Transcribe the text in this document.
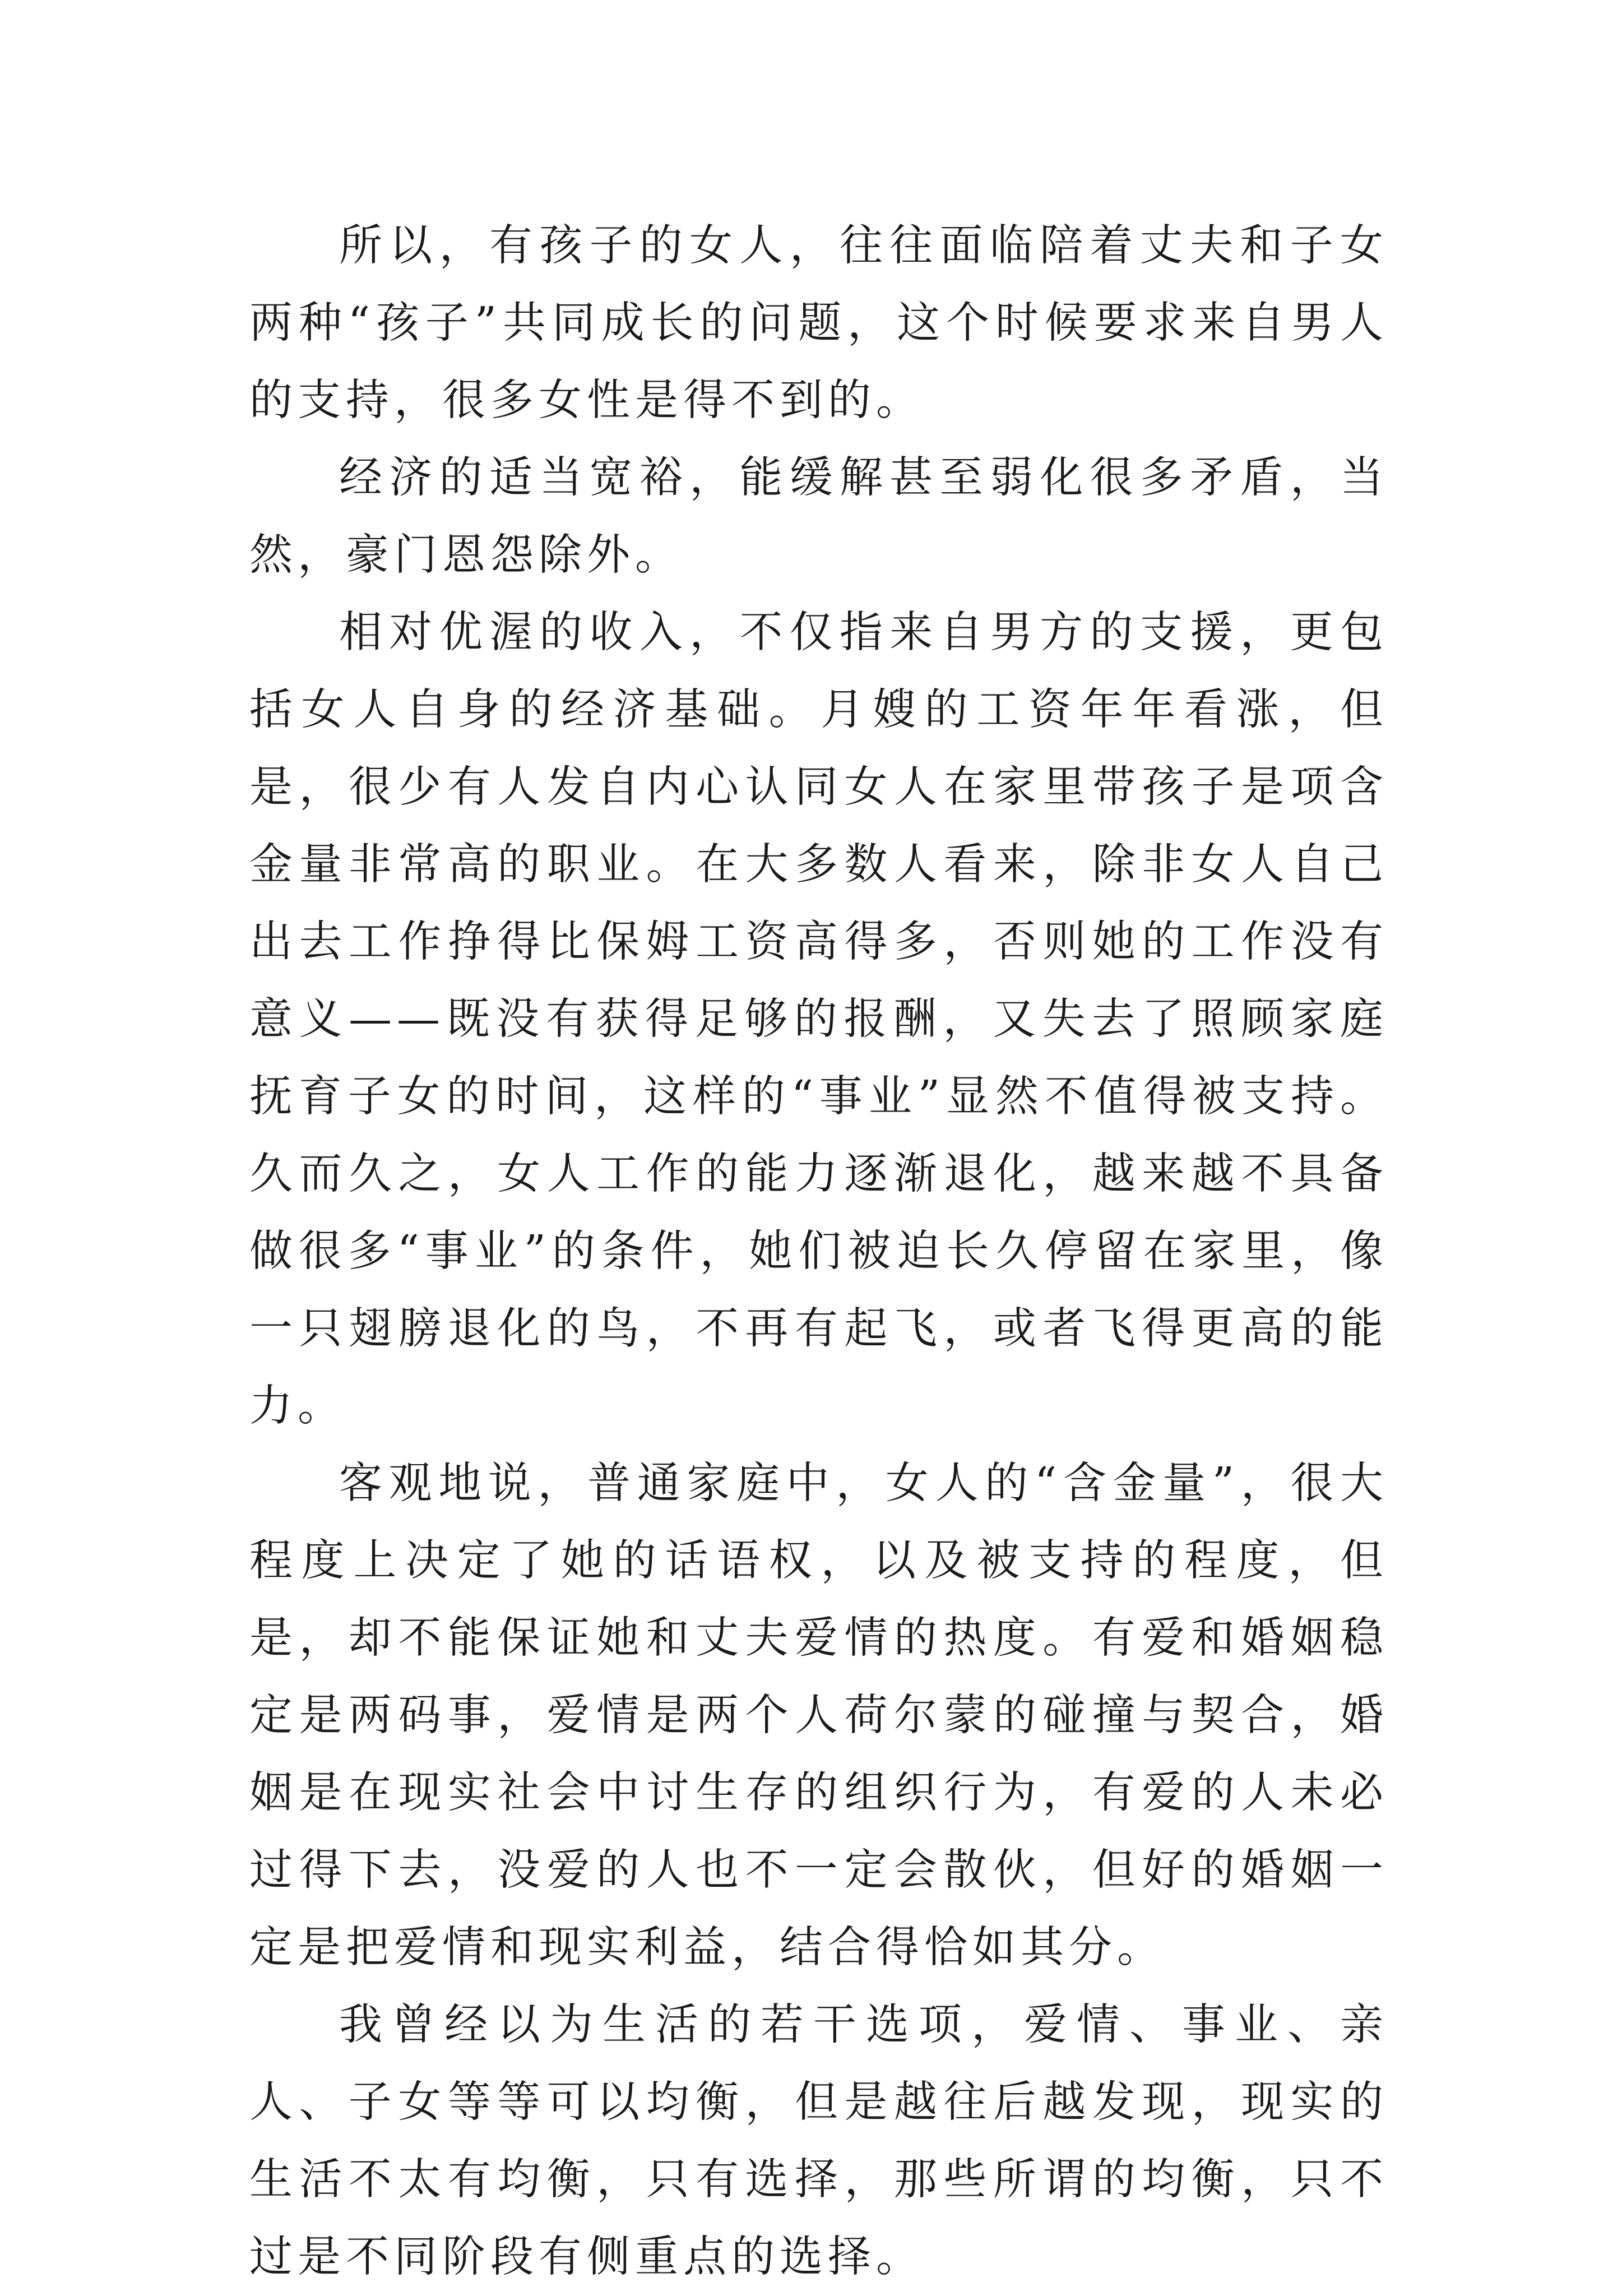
所以，有孩子的女人，往往面临陪着丈夫和子女两种“孩子”共同成长的问题，这个时候要求来自男人的支持，很多女性是得不到的。

经济的适当宽裕，能缓解甚至弱化很多矛盾，当然，豪门恩怨除外。

相对优渥的收入，不仅指来自男方的支援，更包括女人自身的经济基础。月嫂的工资年年看涨，但是，很少有人发自内心认同女人在家里带孩子是项含金量非常高的职业。在大多数人看来，除非女人自己出去工作挣得比保姆工资高得多，否则她的工作没有意义——既没有获得足够的报酬，又失去了照顾家庭抚育子女的时间，这样的“事业”显然不值得被支持。久而久之，女人工作的能力逐渐退化，越来越不具备做很多“事业”的条件，她们被迫长久停留在家里，像一只翅膀退化的鸟，不再有起飞，或者飞得更高的能力。

客观地说，普通家庭中，女人的“含金量”，很大程度上决定了她的话语权，以及被支持的程度，但是，却不能保证她和丈夫爱情的热度。有爱和婚姻稳定是两码事，爱情是两个人荷尔蒙的碰撞与契合，婚姻是在现实社会中讨生存的组织行为，有爱的人未必过得下去，没爱的人也不一定会散伙，但好的婚姻一定是把爱情和现实利益，结合得恰如其分。

我曾经以为生活的若干选项，爱情、事业、亲人、子女等等可以均衡，但是越往后越发现，现实的生活不太有均衡，只有选择，那些所谓的均衡，只不过是不同阶段有侧重点的选择。
